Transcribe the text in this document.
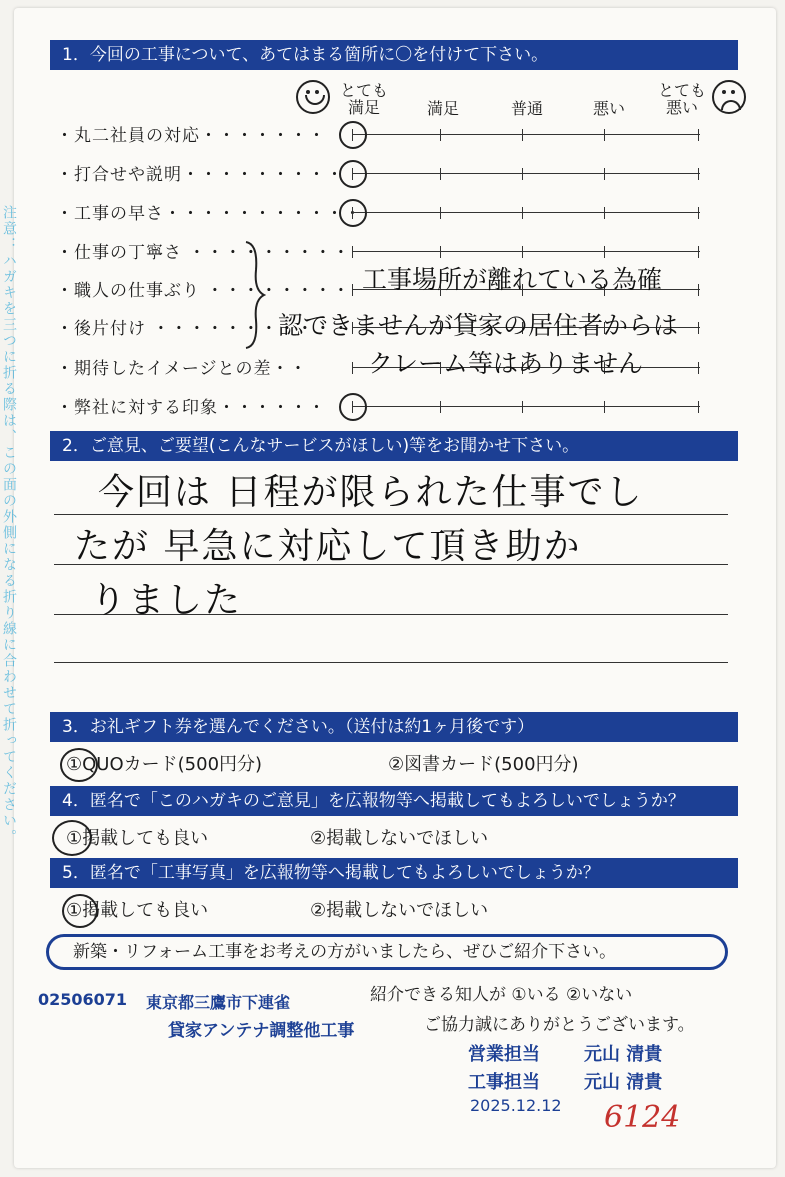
注意：ハガキを三つに折る際は、この面の外側になる折り線に合わせて折ってください。
1．今回の工事について、あてはまる箇所に〇を付けて下さい。
とても満足	満足	普通	悪い
とても悪い
・丸二社員の対応・・・・・・・
・打合せや説明・・・・・・・・・
・工事の早さ・・・・・・・・・・・
・仕事の丁寧さ ・・・・・・・・・
・職人の仕事ぶり ・・・・・・・・
・後片付け ・・・・・・・・・・・
・期待したイメージとの差・・
・弊社に対する印象・・・・・・
工事場所が離れている為確
認できませんが貸家の居住者からは
クレーム等はありません
2．ご意見、ご要望(こんなサービスがほしい)等をお聞かせ下さい。
今回は 日程が限られた仕事でし
たが 早急に対応して頂き助か
りました
3．お礼ギフト券を選んでください。（送付は約1ヶ月後です）
①QUOカード(500円分)	②図書カード(500円分)
4．匿名で「このハガキのご意見」を広報物等へ掲載してもよろしいでしょうか？
①掲載しても良い	②掲載しないでほしい
5．匿名で「工事写真」を広報物等へ掲載してもよろしいでしょうか？
①掲載しても良い	②掲載しないでほしい
新築・リフォーム工事をお考えの方がいましたら、ぜひご紹介下さい。
紹介できる知人が ①いる ②いない
ご協力誠にありがとうございます。
02506071 東京都三鷹市下連雀
貸家アンテナ調整他工事
営業担当 元山 清貴
工事担当 元山 清貴
2025.12.12 6124
